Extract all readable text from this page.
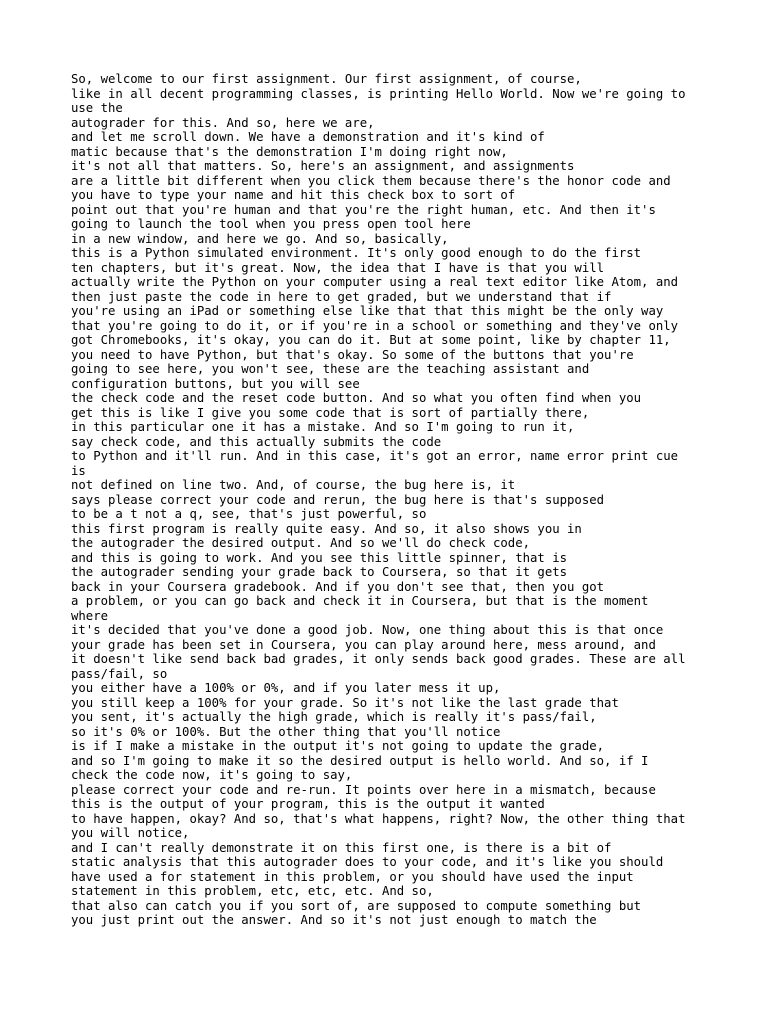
So, welcome to our first assignment. Our first assignment, of course,
like in all decent programming classes, is printing Hello World. Now we're going to
use the
autograder for this. And so, here we are,
and let me scroll down. We have a demonstration and it's kind of
matic because that's the demonstration I'm doing right now,
it's not all that matters. So, here's an assignment, and assignments
are a little bit different when you click them because there's the honor code and
you have to type your name and hit this check box to sort of
point out that you're human and that you're the right human, etc. And then it's
going to launch the tool when you press open tool here
in a new window, and here we go. And so, basically,
this is a Python simulated environment. It's only good enough to do the first
ten chapters, but it's great. Now, the idea that I have is that you will
actually write the Python on your computer using a real text editor like Atom, and
then just paste the code in here to get graded, but we understand that if
you're using an iPad or something else like that that this might be the only way
that you're going to do it, or if you're in a school or something and they've only
got Chromebooks, it's okay, you can do it. But at some point, like by chapter 11,
you need to have Python, but that's okay. So some of the buttons that you're
going to see here, you won't see, these are the teaching assistant and
configuration buttons, but you will see
the check code and the reset code button. And so what you often find when you
get this is like I give you some code that is sort of partially there,
in this particular one it has a mistake. And so I'm going to run it,
say check code, and this actually submits the code
to Python and it'll run. And in this case, it's got an error, name error print cue
is
not defined on line two. And, of course, the bug here is, it
says please correct your code and rerun, the bug here is that's supposed
to be a t not a q, see, that's just powerful, so
this first program is really quite easy. And so, it also shows you in
the autograder the desired output. And so we'll do check code,
and this is going to work. And you see this little spinner, that is
the autograder sending your grade back to Coursera, so that it gets
back in your Coursera gradebook. And if you don't see that, then you got
a problem, or you can go back and check it in Coursera, but that is the moment
where
it's decided that you've done a good job. Now, one thing about this is that once
your grade has been set in Coursera, you can play around here, mess around, and
it doesn't like send back bad grades, it only sends back good grades. These are all
pass/fail, so
you either have a 100% or 0%, and if you later mess it up,
you still keep a 100% for your grade. So it's not like the last grade that
you sent, it's actually the high grade, which is really it's pass/fail,
so it's 0% or 100%. But the other thing that you'll notice
is if I make a mistake in the output it's not going to update the grade,
and so I'm going to make it so the desired output is hello world. And so, if I
check the code now, it's going to say,
please correct your code and re-run. It points over here in a mismatch, because
this is the output of your program, this is the output it wanted
to have happen, okay? And so, that's what happens, right? Now, the other thing that
you will notice,
and I can't really demonstrate it on this first one, is there is a bit of
static analysis that this autograder does to your code, and it's like you should
have used a for statement in this problem, or you should have used the input
statement in this problem, etc, etc, etc. And so,
that also can catch you if you sort of, are supposed to compute something but
you just print out the answer. And so it's not just enough to match the
